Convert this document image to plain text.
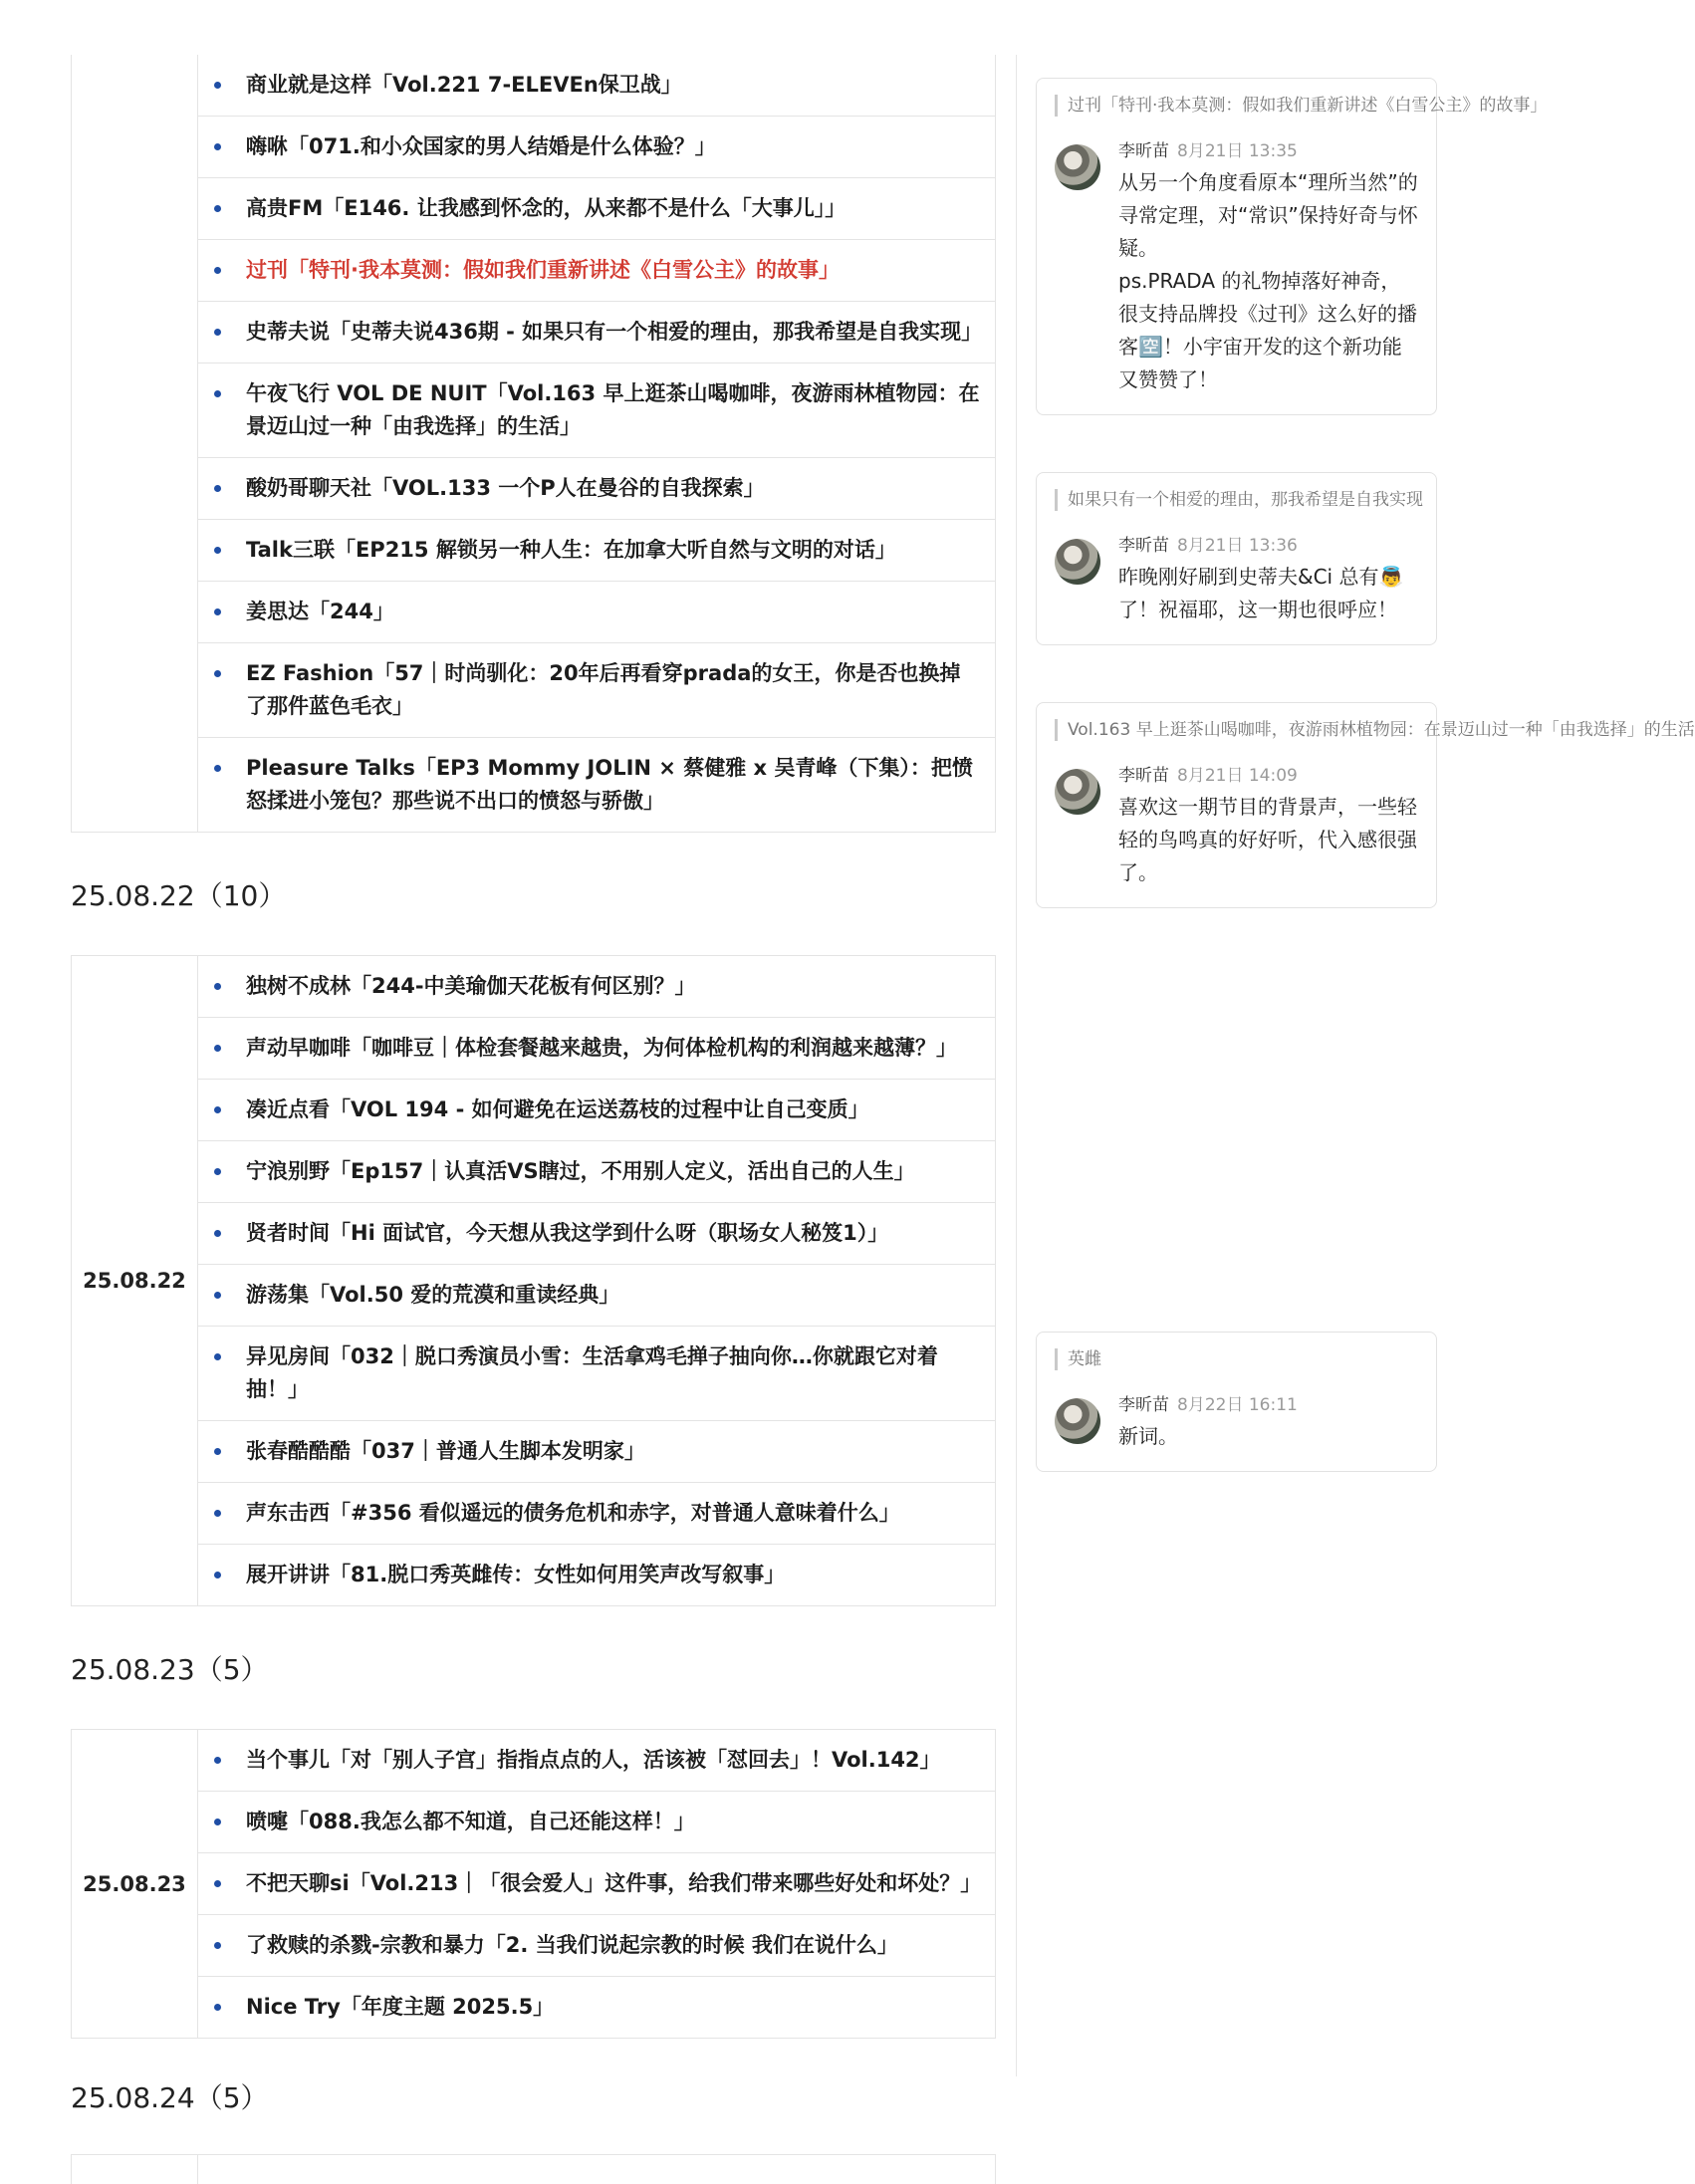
商业就是这样「Vol.221 7-ELEVEn保卫战」
嗨咻「071.和小众国家的男人结婚是什么体验？」
高贵FM「E146. 让我感到怀念的，从来都不是什么「大事儿」」
过刊「特刊·我本莫测：假如我们重新讲述《白雪公主》的故事」
史蒂夫说「史蒂夫说436期 - 如果只有一个相爱的理由，那我希望是自我实现」
午夜飞行 VOL DE NUIT「Vol.163 早上逛茶山喝咖啡，夜游雨林植物园：在景迈山过一种「由我选择」的生活」
酸奶哥聊天社「VOL.133 一个P人在曼谷的自我探索」
Talk三联「EP215 解锁另一种人生：在加拿大听自然与文明的对话」
姜思达「244」
EZ Fashion「57｜时尚驯化：20年后再看穿prada的女王，你是否也换掉了那件蓝色毛衣」
Pleasure Talks「EP3 Mommy JOLIN × 蔡健雅 x 吴青峰（下集）：把愤怒揉进小笼包？那些说不出口的愤怒与骄傲」
25.08.22（10）
25.08.22
独树不成林「244-中美瑜伽天花板有何区别？」
声动早咖啡「咖啡豆｜体检套餐越来越贵，为何体检机构的利润越来越薄？」
凑近点看「VOL 194 - 如何避免在运送荔枝的过程中让自己变质」
宁浪别野「Ep157｜认真活VS瞎过，不用别人定义，活出自己的人生」
贤者时间「Hi 面试官，今天想从我这学到什么呀（职场女人秘笈1）」
游荡集「Vol.50 爱的荒漠和重读经典」
异见房间「032｜脱口秀演员小雪：生活拿鸡毛掸子抽向你…你就跟它对着抽！」
张春酷酷酷「037｜普通人生脚本发明家」
声东击西「#356 看似遥远的债务危机和赤字，对普通人意味着什么」
展开讲讲「81.脱口秀英雌传：女性如何用笑声改写叙事」
25.08.23（5）
25.08.23
当个事儿「对「别人子宫」指指点点的人，活该被「怼回去」！Vol.142」
喷嚏「088.我怎么都不知道，自己还能这样！」
不把天聊si「Vol.213｜「很会爱人」这件事，给我们带来哪些好处和坏处？」
了救赎的杀戮-宗教和暴力「2. 当我们说起宗教的时候 我们在说什么」
Nice Try「年度主题 2025.5」
25.08.24（5）
过刊「特刊·我本莫测：假如我们重新讲述《白雪公主》的故事」
李昕苗 8月21日 13:35
从另一个角度看原本“理所当然”的寻常定理，对“常识”保持好奇与怀疑。
ps.PRADA 的礼物掉落好神奇，很支持品牌投《过刊》这么好的播客🈳！小宇宙开发的这个新功能又赞赞了！
如果只有一个相爱的理由，那我希望是自我实现
李昕苗 8月21日 13:36
昨晚刚好刷到史蒂夫&Ci 总有👼了！祝福耶，这一期也很呼应！
Vol.163 早上逛茶山喝咖啡，夜游雨林植物园：在景迈山过一种「由我选择」的生活
李昕苗 8月21日 14:09
喜欢这一期节目的背景声，一些轻轻的鸟鸣真的好好听，代入感很强了。
英雌
李昕苗 8月22日 16:11
新词。
